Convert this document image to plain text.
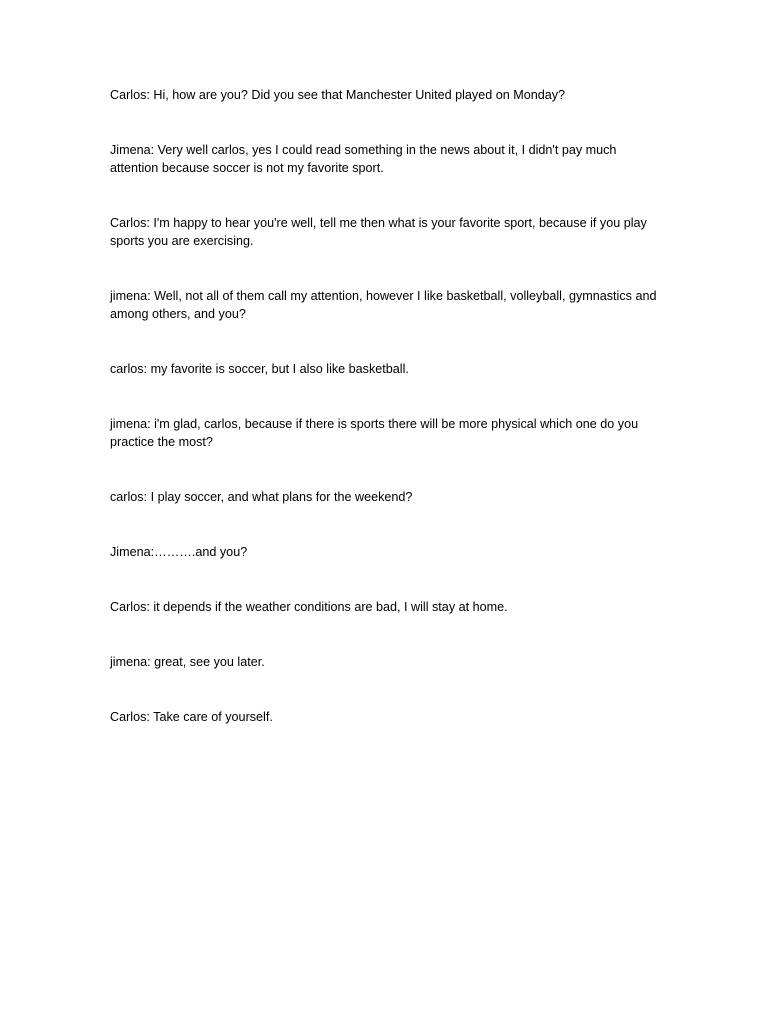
Carlos: Hi, how are you? Did you see that Manchester United played on Monday?

Jimena: Very well carlos, yes I could read something in the news about it, I didn't pay much attention because soccer is not my favorite sport.

Carlos: I'm happy to hear you're well, tell me then what is your favorite sport, because if you play sports you are exercising.

jimena: Well, not all of them call my attention, however I like basketball, volleyball, gymnastics and among others, and you?

carlos: my favorite is soccer, but I also like basketball.

jimena: i'm glad, carlos, because if there is sports there will be more physical which one do you practice the most?

carlos: I play soccer, and what plans for the weekend?

Jimena:……….and you?

Carlos: it depends if the weather conditions are bad, I will stay at home.

jimena: great, see you later.

Carlos: Take care of yourself.
